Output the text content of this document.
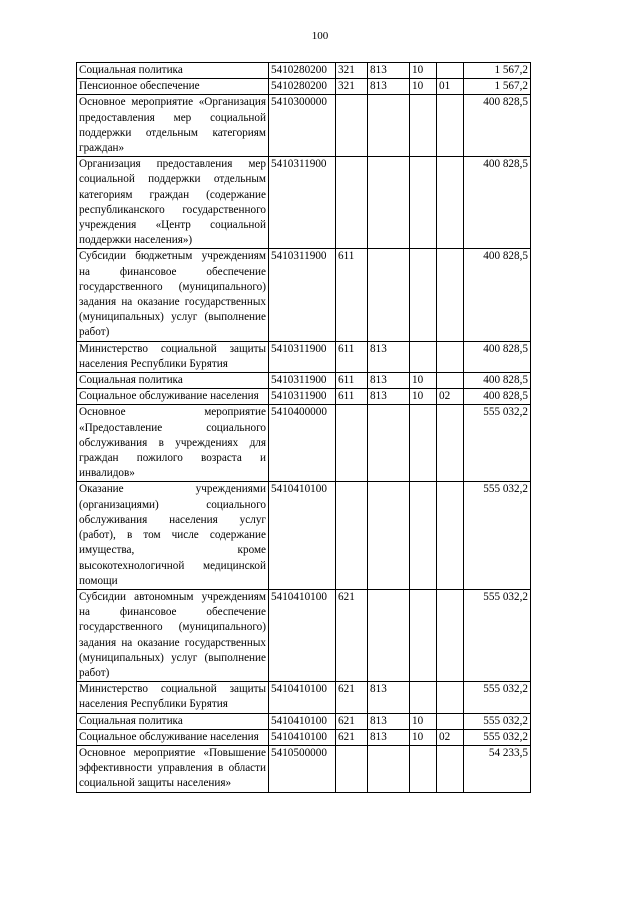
100
Социальная политика	5410280200	321	813	10		1 567,2
Пенсионное обеспечение	5410280200	321	813	10	01	1 567,2
Основное мероприятие «Организация предоставления мер социальной поддержки отдельным категориям граждан»	5410300000					400 828,5
Организация предоставления мер социальной поддержки отдельным категориям граждан (содержание республиканского государственного учреждения «Центр социальной поддержки населения»)	5410311900					400 828,5
Субсидии бюджетным учреждениям на финансовое обеспечение государственного (муниципального) задания на оказание государственных (муниципальных) услуг (выполнение работ)	5410311900	611				400 828,5
Министерство социальной защиты населения Республики Бурятия	5410311900	611	813			400 828,5
Социальная политика	5410311900	611	813	10		400 828,5
Социальное обслуживание населения	5410311900	611	813	10	02	400 828,5
Основное мероприятие «Предоставление социального обслуживания в учреждениях для граждан пожилого возраста и инвалидов»	5410400000					555 032,2
Оказание учреждениями (организациями) социального обслуживания населения услуг (работ), в том числе содержание имущества, кроме высокотехнологичной медицинской помощи	5410410100					555 032,2
Субсидии автономным учреждениям на финансовое обеспечение государственного (муниципального) задания на оказание государственных (муниципальных) услуг (выполнение работ)	5410410100	621				555 032,2
Министерство социальной защиты населения Республики Бурятия	5410410100	621	813			555 032,2
Социальная политика	5410410100	621	813	10		555 032,2
Социальное обслуживание населения	5410410100	621	813	10	02	555 032,2
Основное мероприятие «Повышение эффективности управления в области социальной защиты населения»	5410500000					54 233,5
